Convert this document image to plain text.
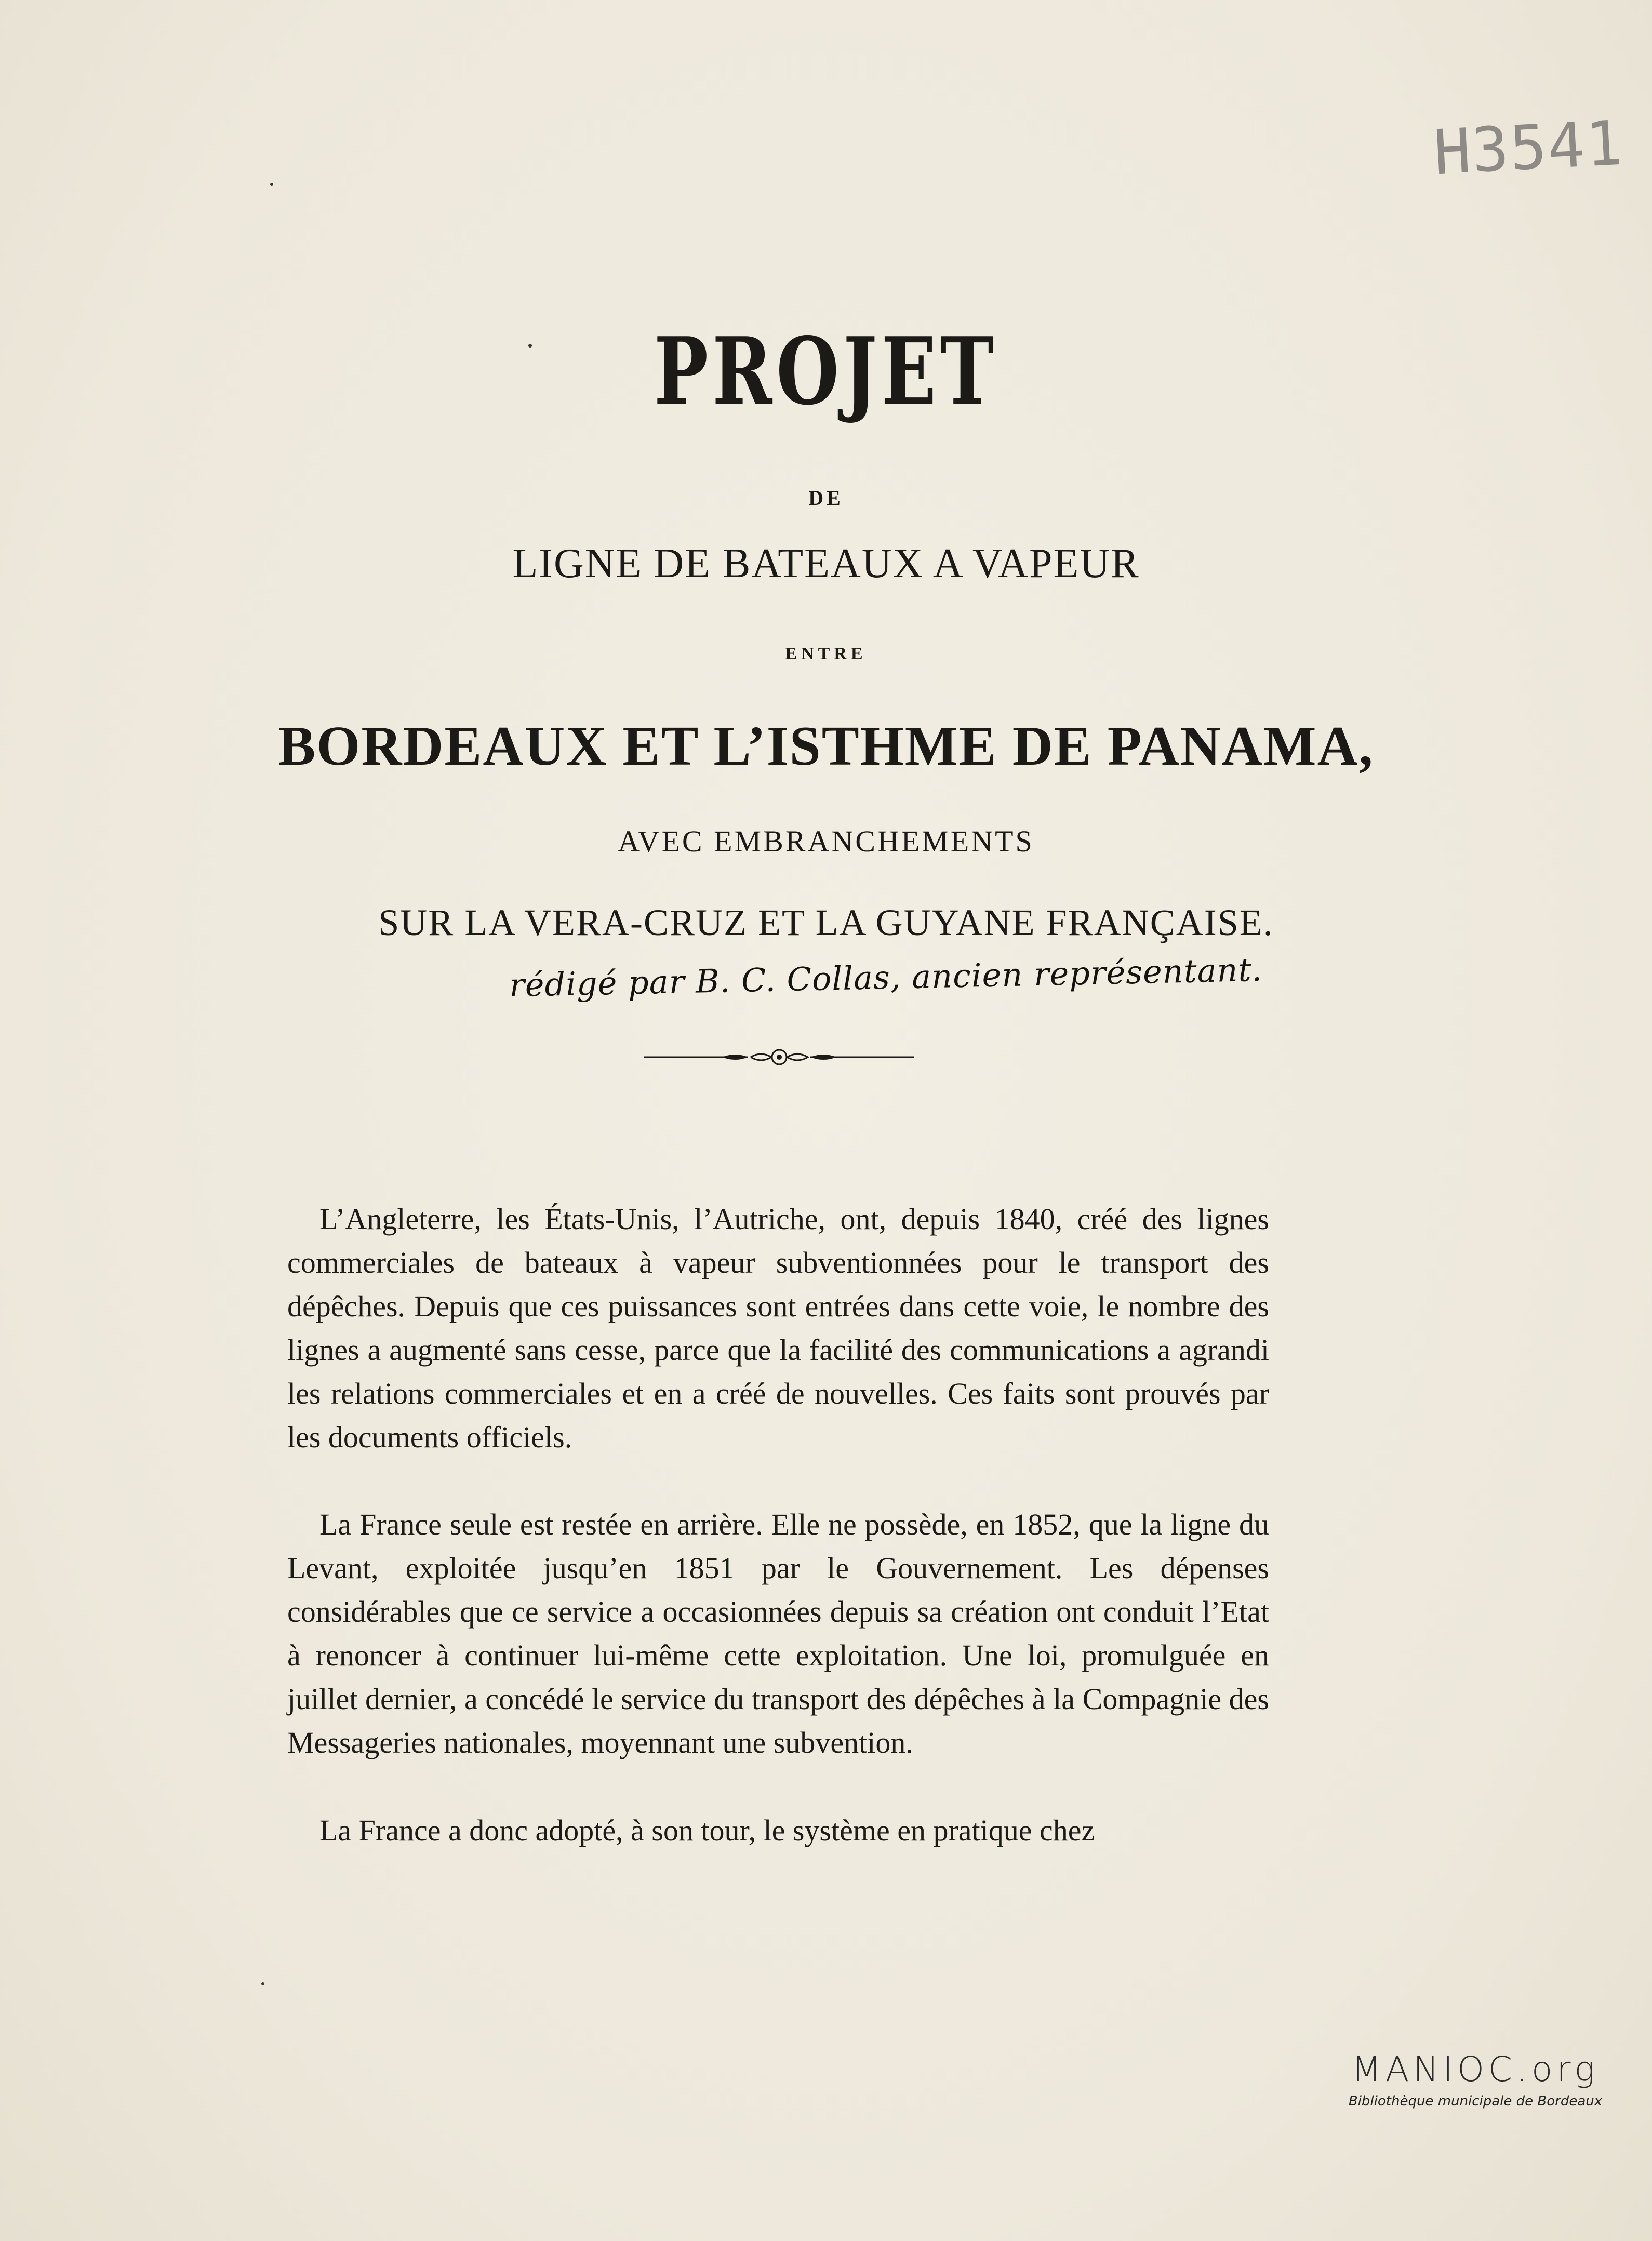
H3541
PROJET
DE
LIGNE DE BATEAUX A VAPEUR
ENTRE
BORDEAUX ET L’ISTHME DE PANAMA,
AVEC EMBRANCHEMENTS
SUR LA VERA-CRUZ ET LA GUYANE FRANÇAISE.
rédigé par B. C. Collas, ancien représentant.

L’Angleterre, les États-Unis, l’Autriche, ont, depuis 1840, créé des lignes commerciales de bateaux à vapeur subventionnées pour le transport des dépêches. Depuis que ces puissances sont entrées dans cette voie, le nombre des lignes a augmenté sans cesse, parce que la facilité des communications a agrandi les relations commerciales et en a créé de nouvelles. Ces faits sont prouvés par les documents officiels.

La France seule est restée en arrière. Elle ne possède, en 1852, que la ligne du Levant, exploitée jusqu’en 1851 par le Gouvernement. Les dépenses considérables que ce service a occasionnées depuis sa création ont conduit l’Etat à renoncer à continuer lui-même cette exploitation. Une loi, promulguée en juillet dernier, a concédé le service du transport des dépêches à la Compagnie des Messageries nationales, moyennant une subvention.

La France a donc adopté, à son tour, le système en pratique chez

MANIOC.org
Bibliothèque municipale de Bordeaux
